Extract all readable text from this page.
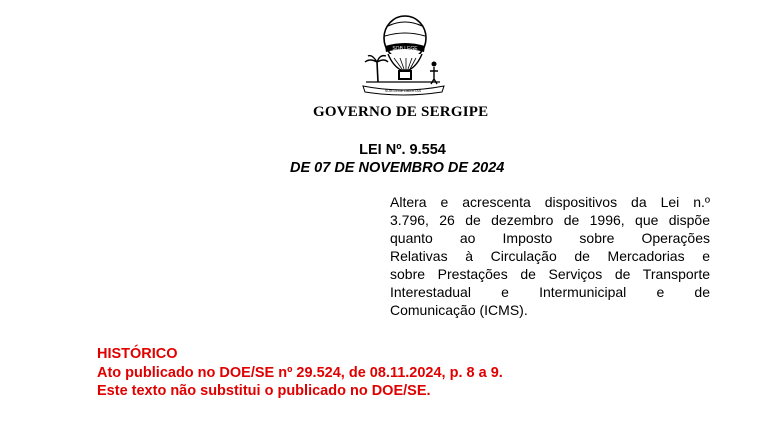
SOB LEGE
SOB LEGE LIBERTAS
GOVERNO DE SERGIPE
LEI Nº. 9.554
DE 07 DE NOVEMBRO DE 2024
Altera e acrescenta dispositivos da Lei n.º
3.796, 26 de dezembro de 1996, que dispõe
quanto ao Imposto sobre Operações
Relativas à Circulação de Mercadorias e
sobre Prestações de Serviços de Transporte
Interestadual e Intermunicipal e de
Comunicação (ICMS).
HISTÓRICO
Ato publicado no DOE/SE nº 29.524, de 08.11.2024, p. 8 a 9.
Este texto não substitui o publicado no DOE/SE.
